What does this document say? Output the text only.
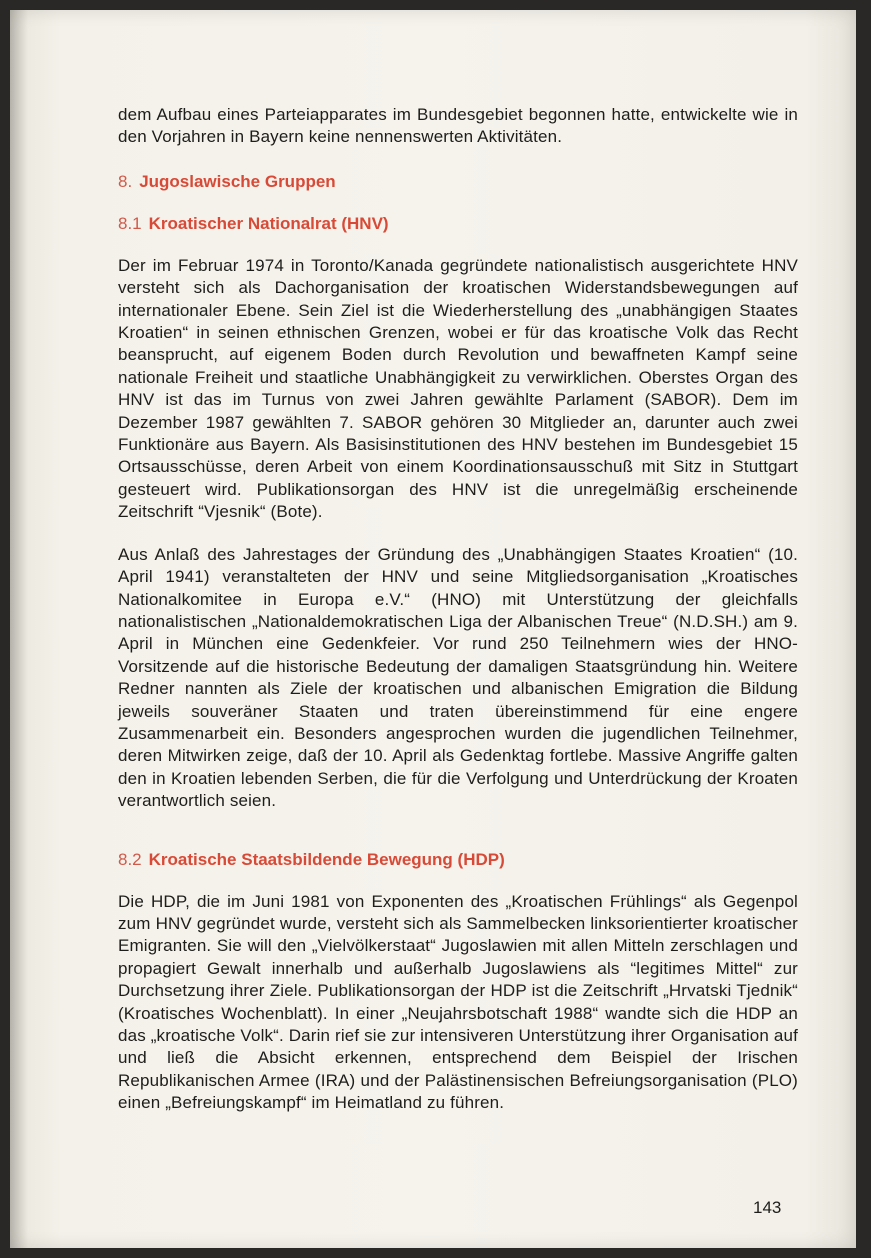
dem Aufbau eines Parteiapparates im Bundesgebiet begonnen hatte, entwickelte wie in den Vorjahren in Bayern keine nennenswerten Aktivitäten.

8. Jugoslawische Gruppen
8.1 Kroatischer Nationalrat (HNV)

Der im Februar 1974 in Toronto/Kanada gegründete nationalistisch ausgerichtete HNV versteht sich als Dachorganisation der kroatischen Widerstandsbewegungen auf internationaler Ebene. Sein Ziel ist die Wiederherstellung des „unabhängigen Staates Kroatien“ in seinen ethnischen Grenzen, wobei er für das kroatische Volk das Recht beansprucht, auf eigenem Boden durch Revolution und bewaffneten Kampf seine nationale Freiheit und staatliche Unabhängigkeit zu verwirklichen. Oberstes Organ des HNV ist das im Turnus von zwei Jahren gewählte Parlament (SABOR). Dem im Dezember 1987 gewählten 7. SABOR gehören 30 Mitglieder an, darunter auch zwei Funktionäre aus Bayern. Als Basisinstitutionen des HNV bestehen im Bundesgebiet 15 Ortsausschüsse, deren Arbeit von einem Koordinationsausschuß mit Sitz in Stuttgart gesteuert wird. Publikationsorgan des HNV ist die unregelmäßig erscheinende Zeitschrift “Vjesnik“ (Bote).

Aus Anlaß des Jahrestages der Gründung des „Unabhängigen Staates Kroatien“ (10. April 1941) veranstalteten der HNV und seine Mitgliedsorganisation „Kroatisches Nationalkomitee in Europa e.V.“ (HNO) mit Unterstützung der gleichfalls nationalistischen „Nationaldemokratischen Liga der Albanischen Treue“ (N.D.SH.) am 9. April in München eine Gedenkfeier. Vor rund 250 Teilnehmern wies der HNO-Vorsitzende auf die historische Bedeutung der damaligen Staatsgründung hin. Weitere Redner nannten als Ziele der kroatischen und albanischen Emigration die Bildung jeweils souveräner Staaten und traten übereinstimmend für eine engere Zusammenarbeit ein. Besonders angesprochen wurden die jugendlichen Teilnehmer, deren Mitwirken zeige, daß der 10. April als Gedenktag fortlebe. Massive Angriffe galten den in Kroatien lebenden Serben, die für die Verfolgung und Unterdrückung der Kroaten verantwortlich seien.

8.2 Kroatische Staatsbildende Bewegung (HDP)

Die HDP, die im Juni 1981 von Exponenten des „Kroatischen Frühlings“ als Gegenpol zum HNV gegründet wurde, versteht sich als Sammelbecken linksorientierter kroatischer Emigranten. Sie will den „Vielvölkerstaat“ Jugoslawien mit allen Mitteln zerschlagen und propagiert Gewalt innerhalb und außerhalb Jugoslawiens als “legitimes Mittel“ zur Durchsetzung ihrer Ziele. Publikationsorgan der HDP ist die Zeitschrift „Hrvatski Tjednik“ (Kroatisches Wochenblatt). In einer „Neujahrsbotschaft 1988“ wandte sich die HDP an das „kroatische Volk“. Darin rief sie zur intensiveren Unterstützung ihrer Organisation auf und ließ die Absicht erkennen, entsprechend dem Beispiel der Irischen Republikanischen Armee (IRA) und der Palästinensischen Befreiungsorganisation (PLO) einen „Befreiungskampf“ im Heimatland zu führen.

143
